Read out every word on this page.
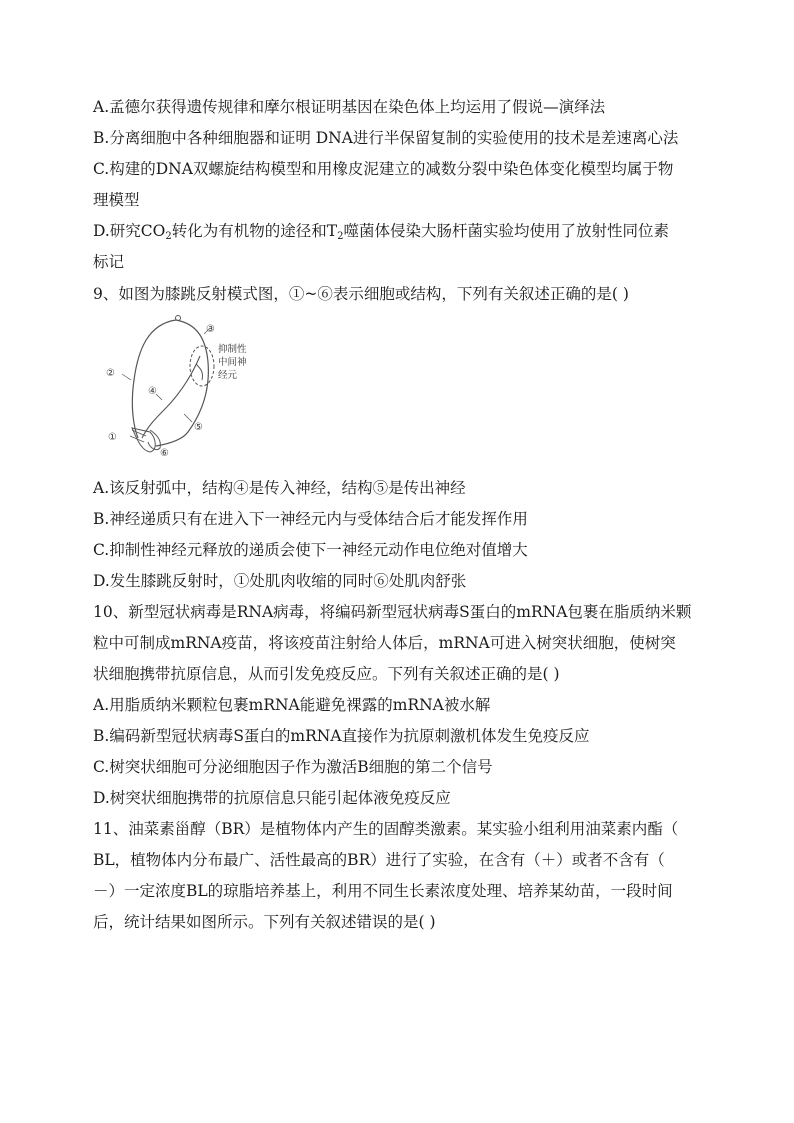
A.孟德尔获得遗传规律和摩尔根证明基因在染色体上均运用了假说—演绎法
B.分离细胞中各种细胞器和证明 DNA进行半保留复制的实验使用的技术是差速离心法
C.构建的DNA双螺旋结构模型和用橡皮泥建立的减数分裂中染色体变化模型均属于物
理模型
D.研究$CO_2$转化为有机物的途径和$T_2$噬菌体侵染大肠杆菌实验均使用了放射性同位素
标记
9、如图为膝跳反射模式图，①~⑥表示细胞或结构，下列有关叙述正确的是( )
①
②
③
④
⑤
⑥
抑制性
中间神
经元
A.该反射弧中，结构④是传入神经，结构⑤是传出神经
B.神经递质只有在进入下一神经元内与受体结合后才能发挥作用
C.抑制性神经元释放的递质会使下一神经元动作电位绝对值增大
D.发生膝跳反射时，①处肌肉收缩的同时⑥处肌肉舒张
10、新型冠状病毒是RNA病毒，将编码新型冠状病毒S蛋白的mRNA包裹在脂质纳米颗
粒中可制成mRNA疫苗，将该疫苗注射给人体后，mRNA可进入树突状细胞，使树突
状细胞携带抗原信息，从而引发免疫反应。下列有关叙述正确的是( )
A.用脂质纳米颗粒包裹mRNA能避免裸露的mRNA被水解
B.编码新型冠状病毒S蛋白的mRNA直接作为抗原刺激机体发生免疫反应
C.树突状细胞可分泌细胞因子作为激活B细胞的第二个信号
D.树突状细胞携带的抗原信息只能引起体液免疫反应
11、油菜素甾醇（BR）是植物体内产生的固醇类激素。某实验小组利用油菜素内酯（
BL，植物体内分布最广、活性最高的BR）进行了实验，在含有（＋）或者不含有（
－）一定浓度BL的琼脂培养基上，利用不同生长素浓度处理、培养某幼苗，一段时间
后，统计结果如图所示。下列有关叙述错误的是( )
